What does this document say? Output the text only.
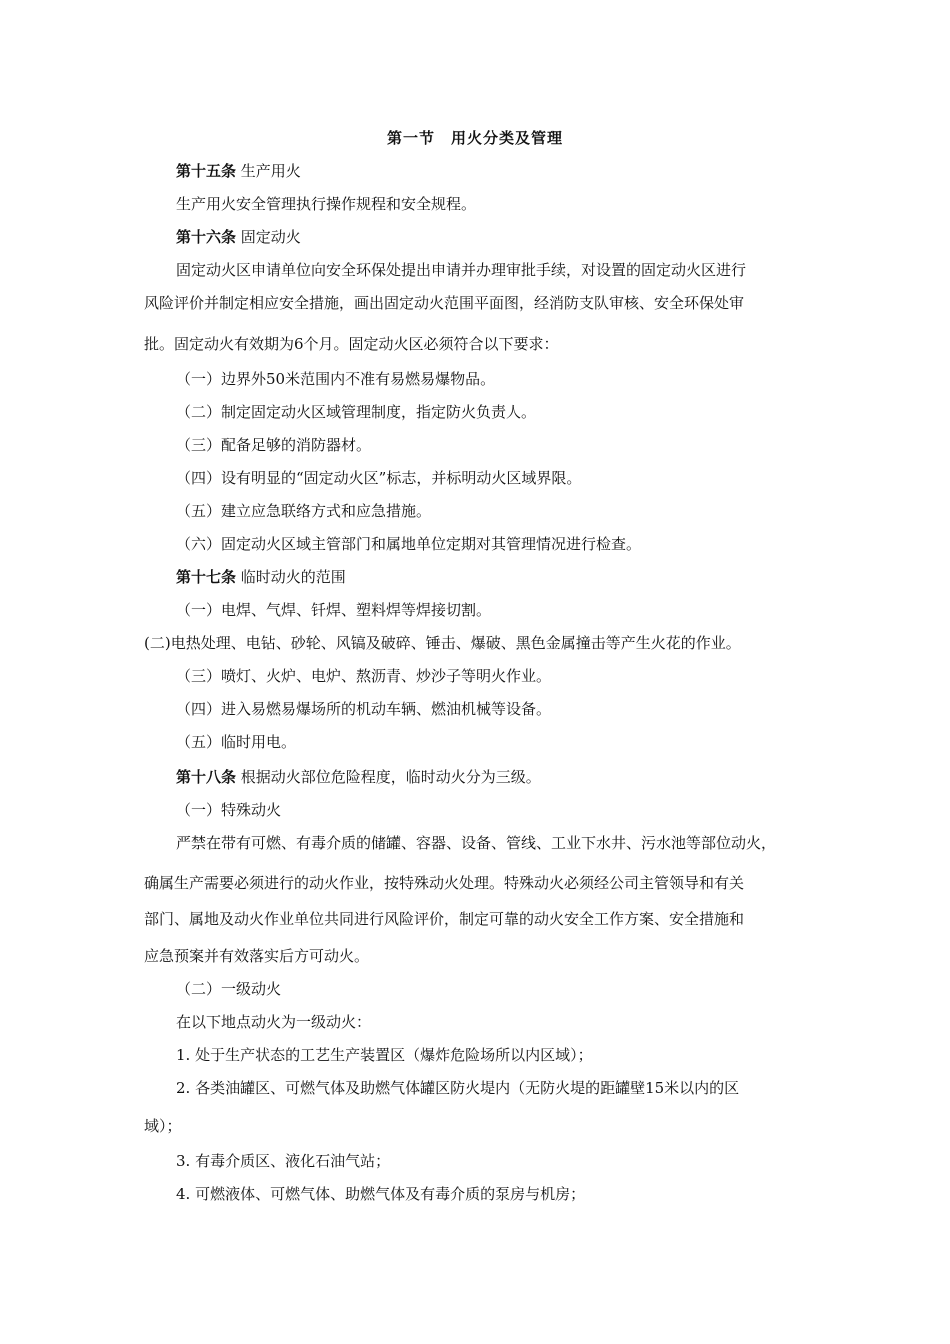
第一节　用火分类及管理
第十五条 生产用火
生产用火安全管理执行操作规程和安全规程。
第十六条 固定动火
固定动火区申请单位向安全环保处提出申请并办理审批手续，对设置的固定动火区进行
风险评价并制定相应安全措施，画出固定动火范围平面图，经消防支队审核、安全环保处审
批。固定动火有效期为6个月。固定动火区必须符合以下要求：
（一）边界外50米范围内不准有易燃易爆物品。
（二）制定固定动火区域管理制度，指定防火负责人。
（三）配备足够的消防器材。
（四）设有明显的“固定动火区”标志，并标明动火区域界限。
（五）建立应急联络方式和应急措施。
（六）固定动火区域主管部门和属地单位定期对其管理情况进行检查。
第十七条 临时动火的范围
（一）电焊、气焊、钎焊、塑料焊等焊接切割。
(二)电热处理、电钻、砂轮、风镐及破碎、锤击、爆破、黑色金属撞击等产生火花的作业。
（三）喷灯、火炉、电炉、熬沥青、炒沙子等明火作业。
（四）进入易燃易爆场所的机动车辆、燃油机械等设备。
（五）临时用电。
第十八条 根据动火部位危险程度，临时动火分为三级。
（一）特殊动火
严禁在带有可燃、有毒介质的储罐、容器、设备、管线、工业下水井、污水池等部位动火，
确属生产需要必须进行的动火作业，按特殊动火处理。特殊动火必须经公司主管领导和有关
部门、属地及动火作业单位共同进行风险评价，制定可靠的动火安全工作方案、安全措施和
应急预案并有效落实后方可动火。
（二）一级动火
在以下地点动火为一级动火：
1. 处于生产状态的工艺生产装置区（爆炸危险场所以内区域）；
2. 各类油罐区、可燃气体及助燃气体罐区防火堤内（无防火堤的距罐壁15米以内的区
域）；
3. 有毒介质区、液化石油气站；
4. 可燃液体、可燃气体、助燃气体及有毒介质的泵房与机房；
